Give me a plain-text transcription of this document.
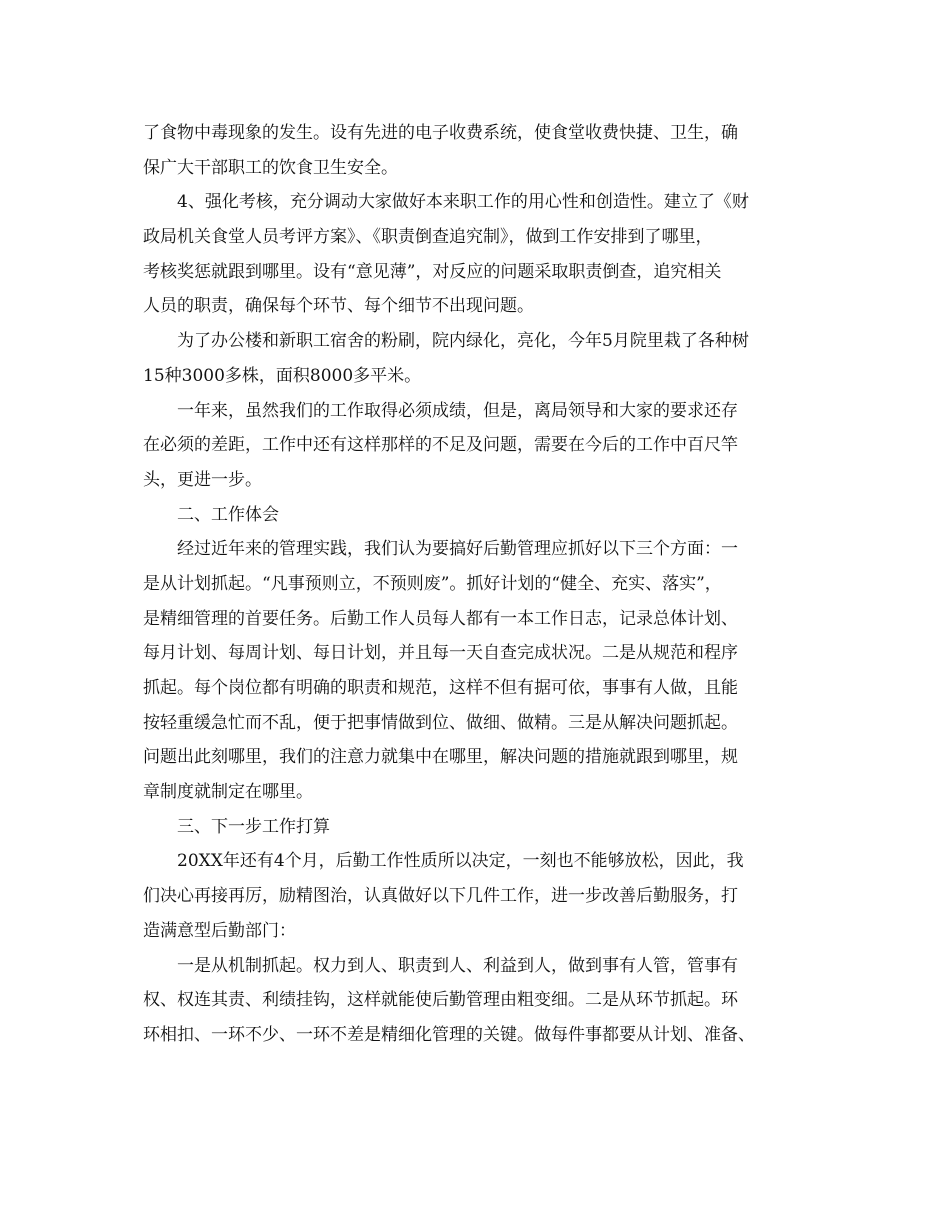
了食物中毒现象的发生。设有先进的电子收费系统，使食堂收费快捷、卫生，确
保广大干部职工的饮食卫生安全。
4、强化考核，充分调动大家做好本来职工作的用心性和创造性。建立了《财
政局机关食堂人员考评方案》、《职责倒查追究制》，做到工作安排到了哪里，
考核奖惩就跟到哪里。设有“意见薄”，对反应的问题采取职责倒查，追究相关
人员的职责，确保每个环节、每个细节不出现问题。
为了办公楼和新职工宿舍的粉刷，院内绿化，亮化，今年5月院里栽了各种树
15种3000多株，面积8000多平米。
一年来，虽然我们的工作取得必须成绩，但是，离局领导和大家的要求还存
在必须的差距，工作中还有这样那样的不足及问题，需要在今后的工作中百尺竿
头，更进一步。
二、工作体会
经过近年来的管理实践，我们认为要搞好后勤管理应抓好以下三个方面：一
是从计划抓起。“凡事预则立，不预则废”。抓好计划的“健全、充实、落实”，
是精细管理的首要任务。后勤工作人员每人都有一本工作日志，记录总体计划、
每月计划、每周计划、每日计划，并且每一天自查完成状况。二是从规范和程序
抓起。每个岗位都有明确的职责和规范，这样不但有据可依，事事有人做，且能
按轻重缓急忙而不乱，便于把事情做到位、做细、做精。三是从解决问题抓起。
问题出此刻哪里，我们的注意力就集中在哪里，解决问题的措施就跟到哪里，规
章制度就制定在哪里。
三、下一步工作打算
20XX年还有4个月，后勤工作性质所以决定，一刻也不能够放松，因此，我
们决心再接再厉，励精图治，认真做好以下几件工作，进一步改善后勤服务，打
造满意型后勤部门：
一是从机制抓起。权力到人、职责到人、利益到人，做到事有人管，管事有
权、权连其责、利绩挂钩，这样就能使后勤管理由粗变细。二是从环节抓起。环
环相扣、一环不少、一环不差是精细化管理的关键。做每件事都要从计划、准备、
